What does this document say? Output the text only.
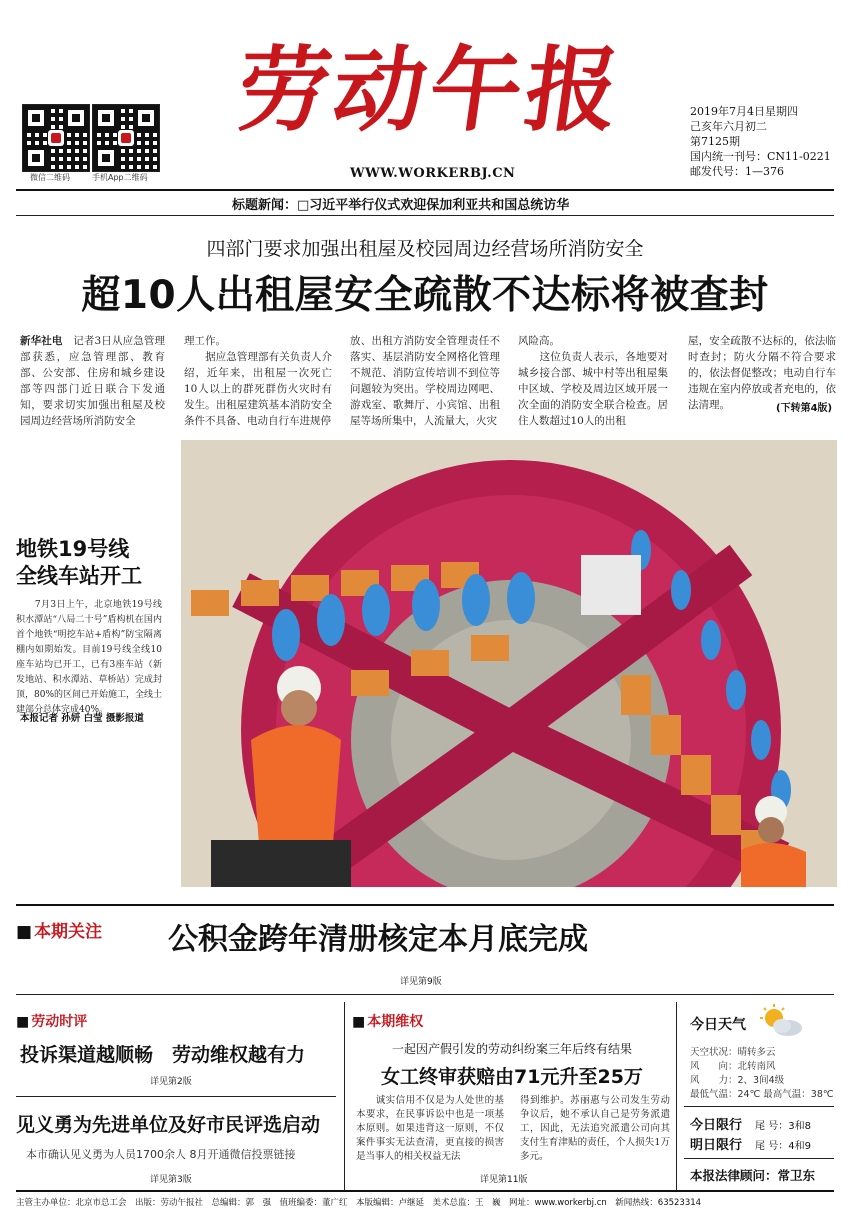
微信二维码	手机App二维码
劳动午报
WWW.WORKERBJ.CN
2019年7月4日星期四
己亥年六月初二
第7125期
国内统一刊号：CN11-0221
邮发代号：1—376
标题新闻：□习近平举行仪式欢迎保加利亚共和国总统访华
四部门要求加强出租屋及校园周边经营场所消防安全
超10人出租屋安全疏散不达标将被查封
新华社电　 记者3日从应急管理部获悉，应急管理部、教育部、公安部、住房和城乡建设部等四部门近日联合下发通知，要求切实加强出租屋及校园周边经营场所消防安全
理工作。
　　据应急管理部有关负责人介绍，近年来，出租屋一次死亡10人以上的群死群伤火灾时有发生。出租屋建筑基本消防安全条件不具备、电动自行车进规停
放、出租方消防安全管理责任不落实、基层消防安全网格化管理不规范、消防宣传培训不到位等问题较为突出。学校周边网吧、游戏室、歌舞厅、小宾馆、出租屋等场所集中，人流量大，火灾
风险高。
　　这位负责人表示，各地要对城乡接合部、城中村等出租屋集中区域、学校及周边区域开展一次全面的消防安全联合检查。居住人数超过10人的出租
屋，安全疏散不达标的，依法临时查封；防火分隔不符合要求的，依法督促整改；电动自行车违规在室内停放或者充电的，依法清理。	(下转第4版)
地铁19号线
全线车站开工
　　7月3日上午，北京地铁19号线积水潭站“八局二十号”盾构机在国内首个地铁“明挖车站+盾构”防宝隔离棚内如期始发。目前19号线全线10座车站均已开工，已有3座车站（新发地站、积水潭站、草桥站）完成封顶，80%的区间已开始施工，全线土建部分总体完成40%。
本报记者 孙妍 白莹 摄影报道
■ 本期关注 公积金跨年清册核定本月底完成
详见第9版
■ 劳动时评
投诉渠道越顺畅　劳动维权越有力
详见第2版
见义勇为先进单位及好市民评选启动
本市确认见义勇为人员1700余人 8月开通微信投票链接
详见第3版
■ 本期维权
一起因产假引发的劳动纠纷案三年后终有结果
女工终审获赔由71元升至25万
　　诚实信用不仅是为人处世的基本要求，在民事诉讼中也是一项基本原则。如果违背这一原则，不仅案件事实无法查清，更直接的损害是当事人的相关权益无法
得到维护。苏丽惠与公司发生劳动争议后，她不承认自己是劳务派遣工，因此，无法追究派遣公司向其支付生育津贴的责任，个人损失1万多元。
详见第11版
今日天气
天空状况：晴转多云
风　　向：北转南风
风　　力：2、3间4级
最低气温：24℃ 最高气温：38℃
今日限行　 尾 号：3和8
明日限行　 尾 号：4和9
本报法律顾问：常卫东
主管主办单位：北京市总工会　出版：劳动午报社　总编辑：郭　强　值班编委：董广红　本版编辑：卢继延　美术总监：王　巍　网址：www.workerbj.cn　新闻热线：63523314
